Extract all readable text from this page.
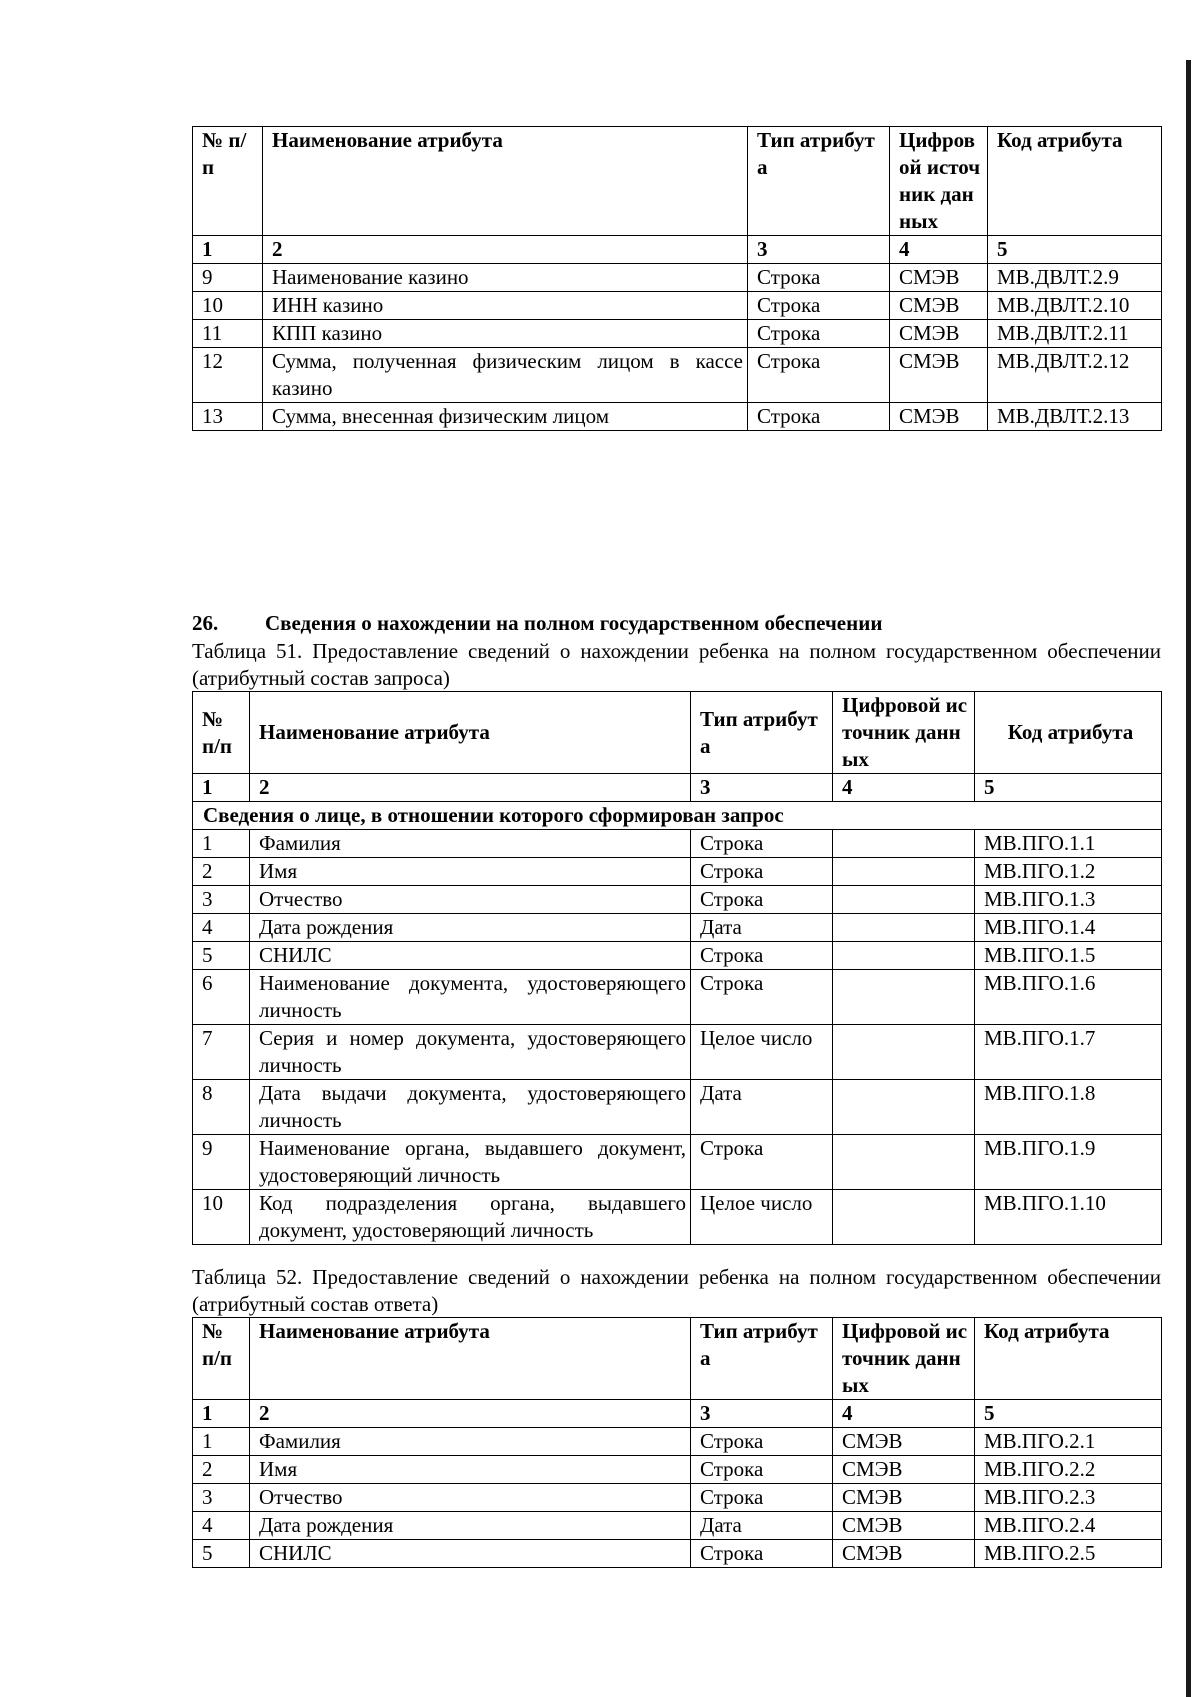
№ п/п	Наименование атрибута	Тип атрибута	Цифровой источник данных	Код атрибута
1	2	3	4	5
9	Наименование казино	Строка	СМЭВ	МВ.ДВЛТ.2.9
10	ИНН казино	Строка	СМЭВ	МВ.ДВЛТ.2.10
11	КПП казино	Строка	СМЭВ	МВ.ДВЛТ.2.11
12	Сумма, полученная физическим лицом в кассе казино	Строка	СМЭВ	МВ.ДВЛТ.2.12
13	Сумма, внесенная физическим лицом	Строка	СМЭВ	МВ.ДВЛТ.2.13
26. Сведения о нахождении на полном государственном обеспечении
Таблица 51. Предоставление сведений о нахождении ребенка на полном государственном обеспечении (атрибутный состав запроса)
№ п/п	Наименование атрибута	Тип атрибута	Цифровой источник данных	Код атрибута
1	2	3	4	5
Сведения о лице, в отношении которого сформирован запрос				
1	Фамилия	Строка		МВ.ПГО.1.1
2	Имя	Строка		МВ.ПГО.1.2
3	Отчество	Строка		МВ.ПГО.1.3
4	Дата рождения	Дата		МВ.ПГО.1.4
5	СНИЛС	Строка		МВ.ПГО.1.5
6	Наименование документа, удостоверяющего личность	Строка		МВ.ПГО.1.6
7	Серия и номер документа, удостоверяющего личность	Целое число		МВ.ПГО.1.7
8	Дата выдачи документа, удостоверяющего личность	Дата		МВ.ПГО.1.8
9	Наименование органа, выдавшего документ, удостоверяющий личность	Строка		МВ.ПГО.1.9
10	Код подразделения органа, выдавшего документ, удостоверяющий личность	Целое число		МВ.ПГО.1.10
Таблица 52. Предоставление сведений о нахождении ребенка на полном государственном обеспечении (атрибутный состав ответа)
№ п/п	Наименование атрибута	Тип атрибута	Цифровой источник данных	Код атрибута
1	2	3	4	5
1	Фамилия	Строка	СМЭВ	МВ.ПГО.2.1
2	Имя	Строка	СМЭВ	МВ.ПГО.2.2
3	Отчество	Строка	СМЭВ	МВ.ПГО.2.3
4	Дата рождения	Дата	СМЭВ	МВ.ПГО.2.4
5	СНИЛС	Строка	СМЭВ	МВ.ПГО.2.5
